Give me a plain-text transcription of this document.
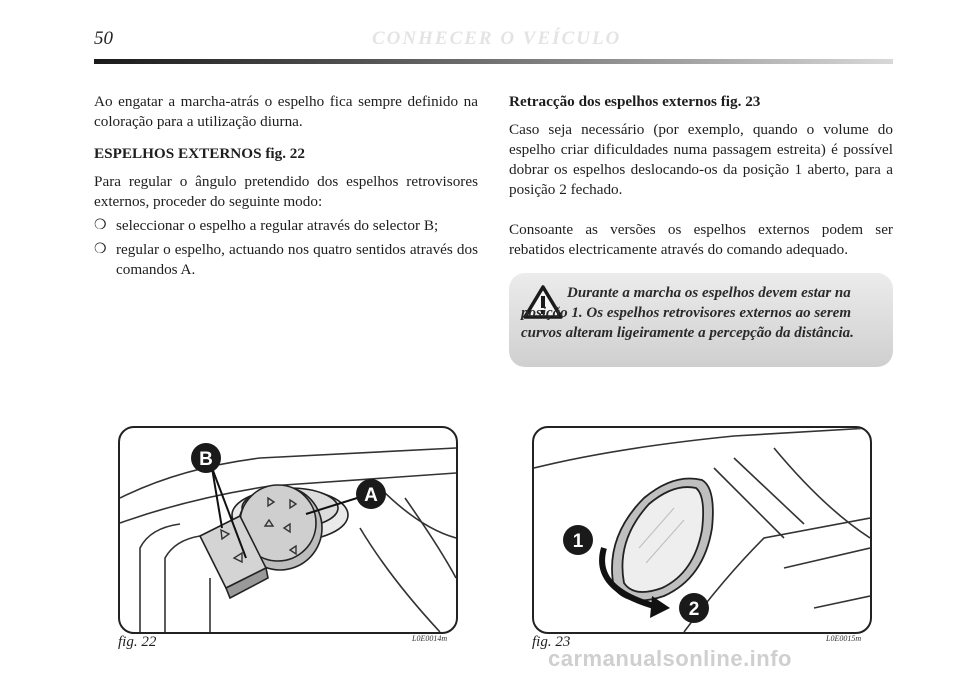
50	CONHECER O VEÍCULO

Ao engatar a marcha-atrás o espelho fica sempre definido na coloração para a utilização diurna.

ESPELHOS EXTERNOS fig. 22

Para regular o ângulo pretendido dos espelhos retrovisores externos, proceder do seguinte modo:

❍ seleccionar o espelho a regular através do selector B;
❍ regular o espelho, actuando nos quatro sentidos através dos comandos A.
Retracção dos espelhos externos fig. 23

Caso seja necessário (por exemplo, quando o volume do espelho criar dificuldades numa passagem estreita) é possível dobrar os espelhos deslocando-os da posição 1 aberto, para a posição 2 fechado.

Consoante as versões os espelhos externos podem ser rebatidos electricamente através do comando adequado.

Durante a marcha os espelhos devem estar na posição 1. Os espelhos retrovisores externos ao serem curvos alteram ligeiramente a percepção da distância.
B
A
fig. 22	L0E0014m
1
2
fig. 23	L0E0015m
carmanualsonline.info
